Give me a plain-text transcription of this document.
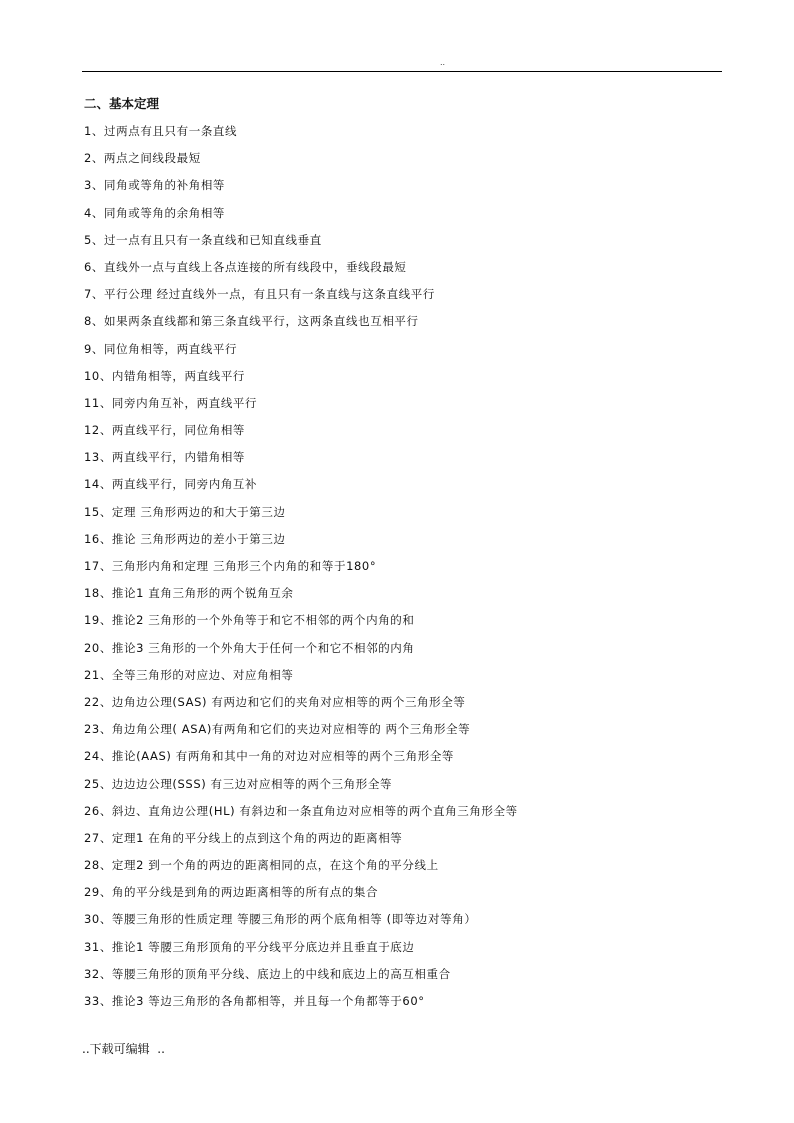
..
二、基本定理
1、过两点有且只有一条直线
2、两点之间线段最短
3、同角或等角的补角相等
4、同角或等角的余角相等
5、过一点有且只有一条直线和已知直线垂直
6、直线外一点与直线上各点连接的所有线段中，垂线段最短
7、平行公理 经过直线外一点，有且只有一条直线与这条直线平行
8、如果两条直线都和第三条直线平行，这两条直线也互相平行
9、同位角相等，两直线平行
10、内错角相等，两直线平行
11、同旁内角互补，两直线平行
12、两直线平行，同位角相等
13、两直线平行，内错角相等
14、两直线平行，同旁内角互补
15、定理 三角形两边的和大于第三边
16、推论 三角形两边的差小于第三边
17、三角形内角和定理 三角形三个内角的和等于180°
18、推论1 直角三角形的两个锐角互余
19、推论2 三角形的一个外角等于和它不相邻的两个内角的和
20、推论3 三角形的一个外角大于任何一个和它不相邻的内角
21、全等三角形的对应边、对应角相等
22、边角边公理(SAS) 有两边和它们的夹角对应相等的两个三角形全等
23、角边角公理( ASA)有两角和它们的夹边对应相等的 两个三角形全等
24、推论(AAS) 有两角和其中一角的对边对应相等的两个三角形全等
25、边边边公理(SSS) 有三边对应相等的两个三角形全等
26、斜边、直角边公理(HL) 有斜边和一条直角边对应相等的两个直角三角形全等
27、定理1 在角的平分线上的点到这个角的两边的距离相等
28、定理2 到一个角的两边的距离相同的点，在这个角的平分线上
29、角的平分线是到角的两边距离相等的所有点的集合
30、等腰三角形的性质定理 等腰三角形的两个底角相等 (即等边对等角）
31、推论1 等腰三角形顶角的平分线平分底边并且垂直于底边
32、等腰三角形的顶角平分线、底边上的中线和底边上的高互相重合
33、推论3 等边三角形的各角都相等，并且每一个角都等于60°
..下载可编辑  ..
